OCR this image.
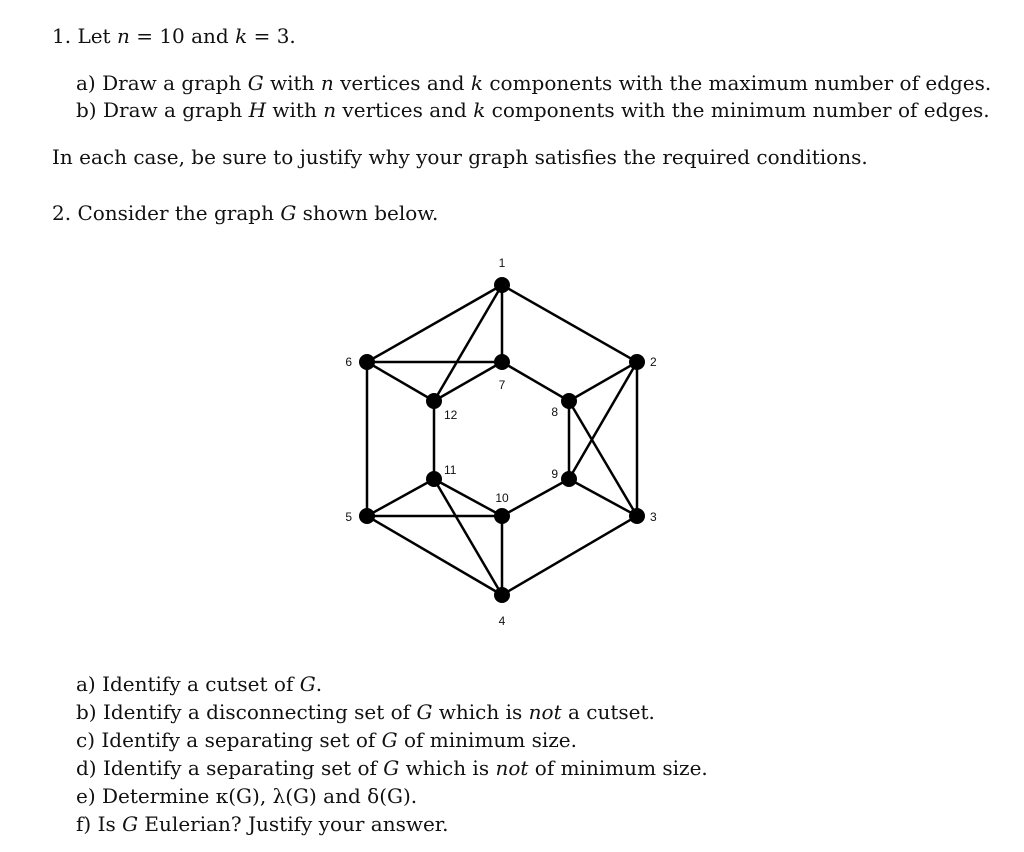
1. Let n = 10 and k = 3.
a) Draw a graph G with n vertices and k components with the maximum number of edges.
b) Draw a graph H with n vertices and k components with the minimum number of edges.
In each case, be sure to justify why your graph satisfies the required conditions.
2. Consider the graph G shown below.
1
2
3
4
5
6
7
8
9
10
11
12
a) Identify a cutset of G.
b) Identify a disconnecting set of G which is not a cutset.
c) Identify a separating set of G of minimum size.
d) Identify a separating set of G which is not of minimum size.
e) Determine κ(G), λ(G) and δ(G).
f) Is G Eulerian? Justify your answer.
